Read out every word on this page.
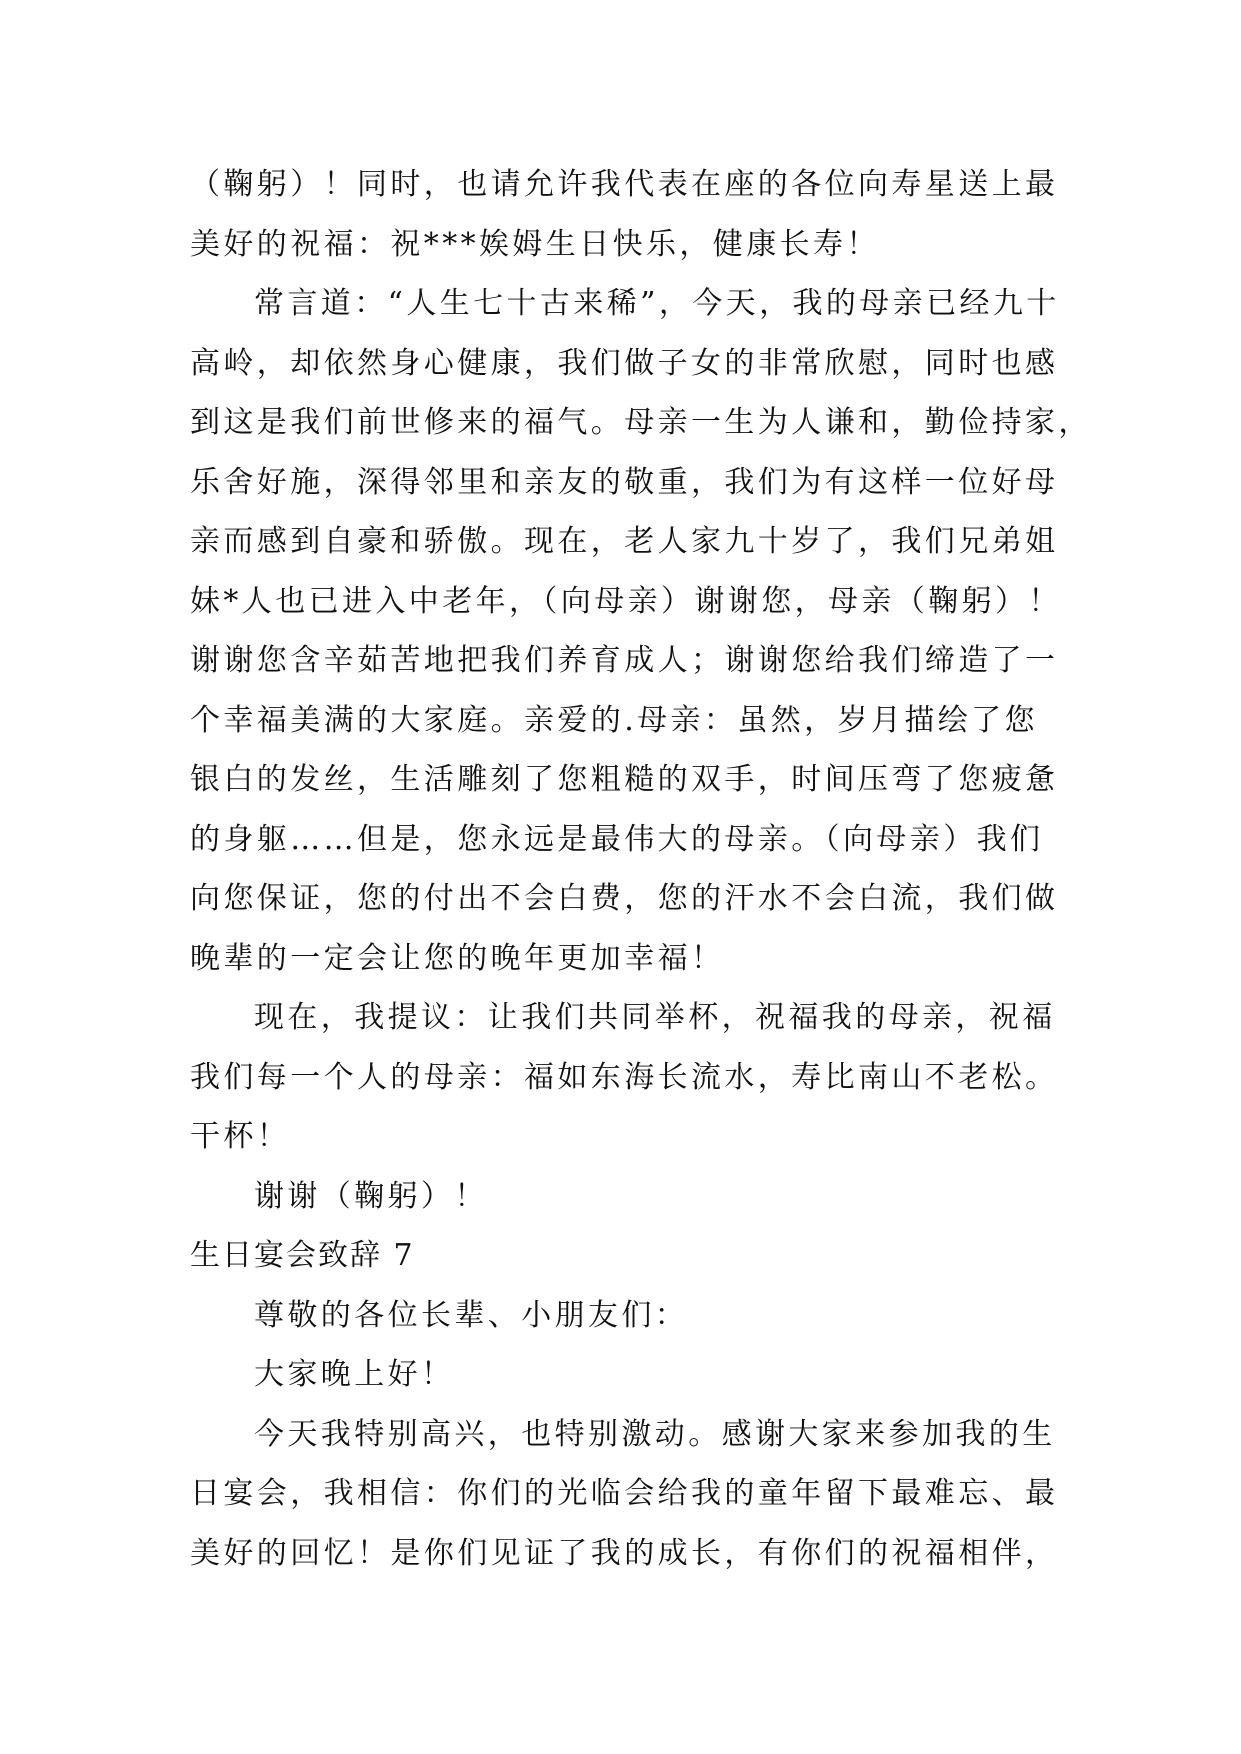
（鞠躬）！同时，也请允许我代表在座的各位向寿星送上最
美好的祝福：祝***娭姆生日快乐，健康长寿！
常言道：“人生七十古来稀”，今天，我的母亲已经九十
高岭，却依然身心健康，我们做子女的非常欣慰，同时也感
到这是我们前世修来的福气。母亲一生为人谦和，勤俭持家，
乐舍好施，深得邻里和亲友的敬重，我们为有这样一位好母
亲而感到自豪和骄傲。现在，老人家九十岁了，我们兄弟姐
妹*人也已进入中老年，（向母亲）谢谢您，母亲（鞠躬）！
谢谢您含辛茹苦地把我们养育成人；谢谢您给我们缔造了一
个幸福美满的大家庭。亲爱的.母亲：虽然，岁月描绘了您
银白的发丝，生活雕刻了您粗糙的双手，时间压弯了您疲惫
的身躯……但是，您永远是最伟大的母亲。（向母亲）我们
向您保证，您的付出不会白费，您的汗水不会白流，我们做
晚辈的一定会让您的晚年更加幸福！
现在，我提议：让我们共同举杯，祝福我的母亲，祝福
我们每一个人的母亲：福如东海长流水，寿比南山不老松。
干杯！
谢谢（鞠躬）！
生日宴会致辞 7
尊敬的各位长辈、小朋友们：
大家晚上好！
今天我特别高兴，也特别激动。感谢大家来参加我的生
日宴会，我相信：你们的光临会给我的童年留下最难忘、最
美好的回忆！是你们见证了我的成长，有你们的祝福相伴，
